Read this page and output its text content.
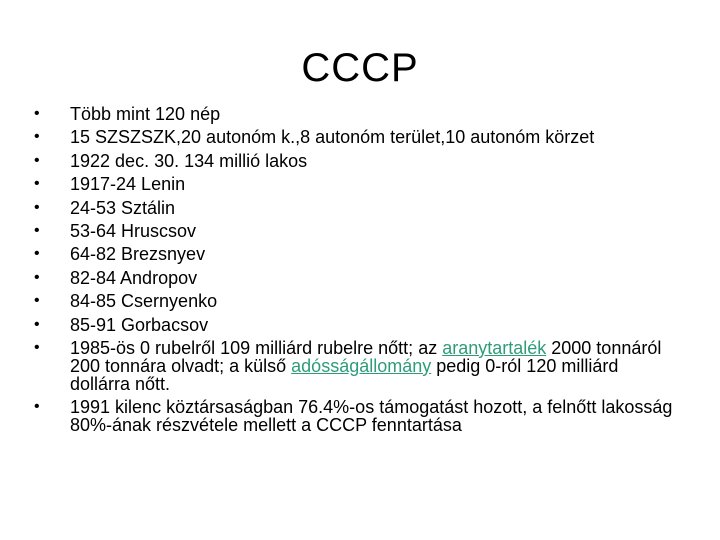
CCCP
•	Több mint 120 nép
•	15 SZSZSZK,20 autonóm k.,8 autonóm terület,10 autonóm körzet
•	1922 dec. 30. 134 millió lakos
•	1917-24 Lenin
•	24-53 Sztálin
•	53-64 Hruscsov
•	64-82 Brezsnyev
•	82-84 Andropov
•	84-85 Csernyenko
•	85-91 Gorbacsov
•	1985-ös 0 rubelről 109 milliárd rubelre nőtt; az aranytartalék 2000 tonnáról 200 tonnára olvadt; a külső adósságállomány pedig 0-ról 120 milliárd dollárra nőtt.
•	1991 kilenc köztársaságban 76.4%-os támogatást hozott, a felnőtt lakosság 80%-ának részvétele mellett a CCCP fenntartása
